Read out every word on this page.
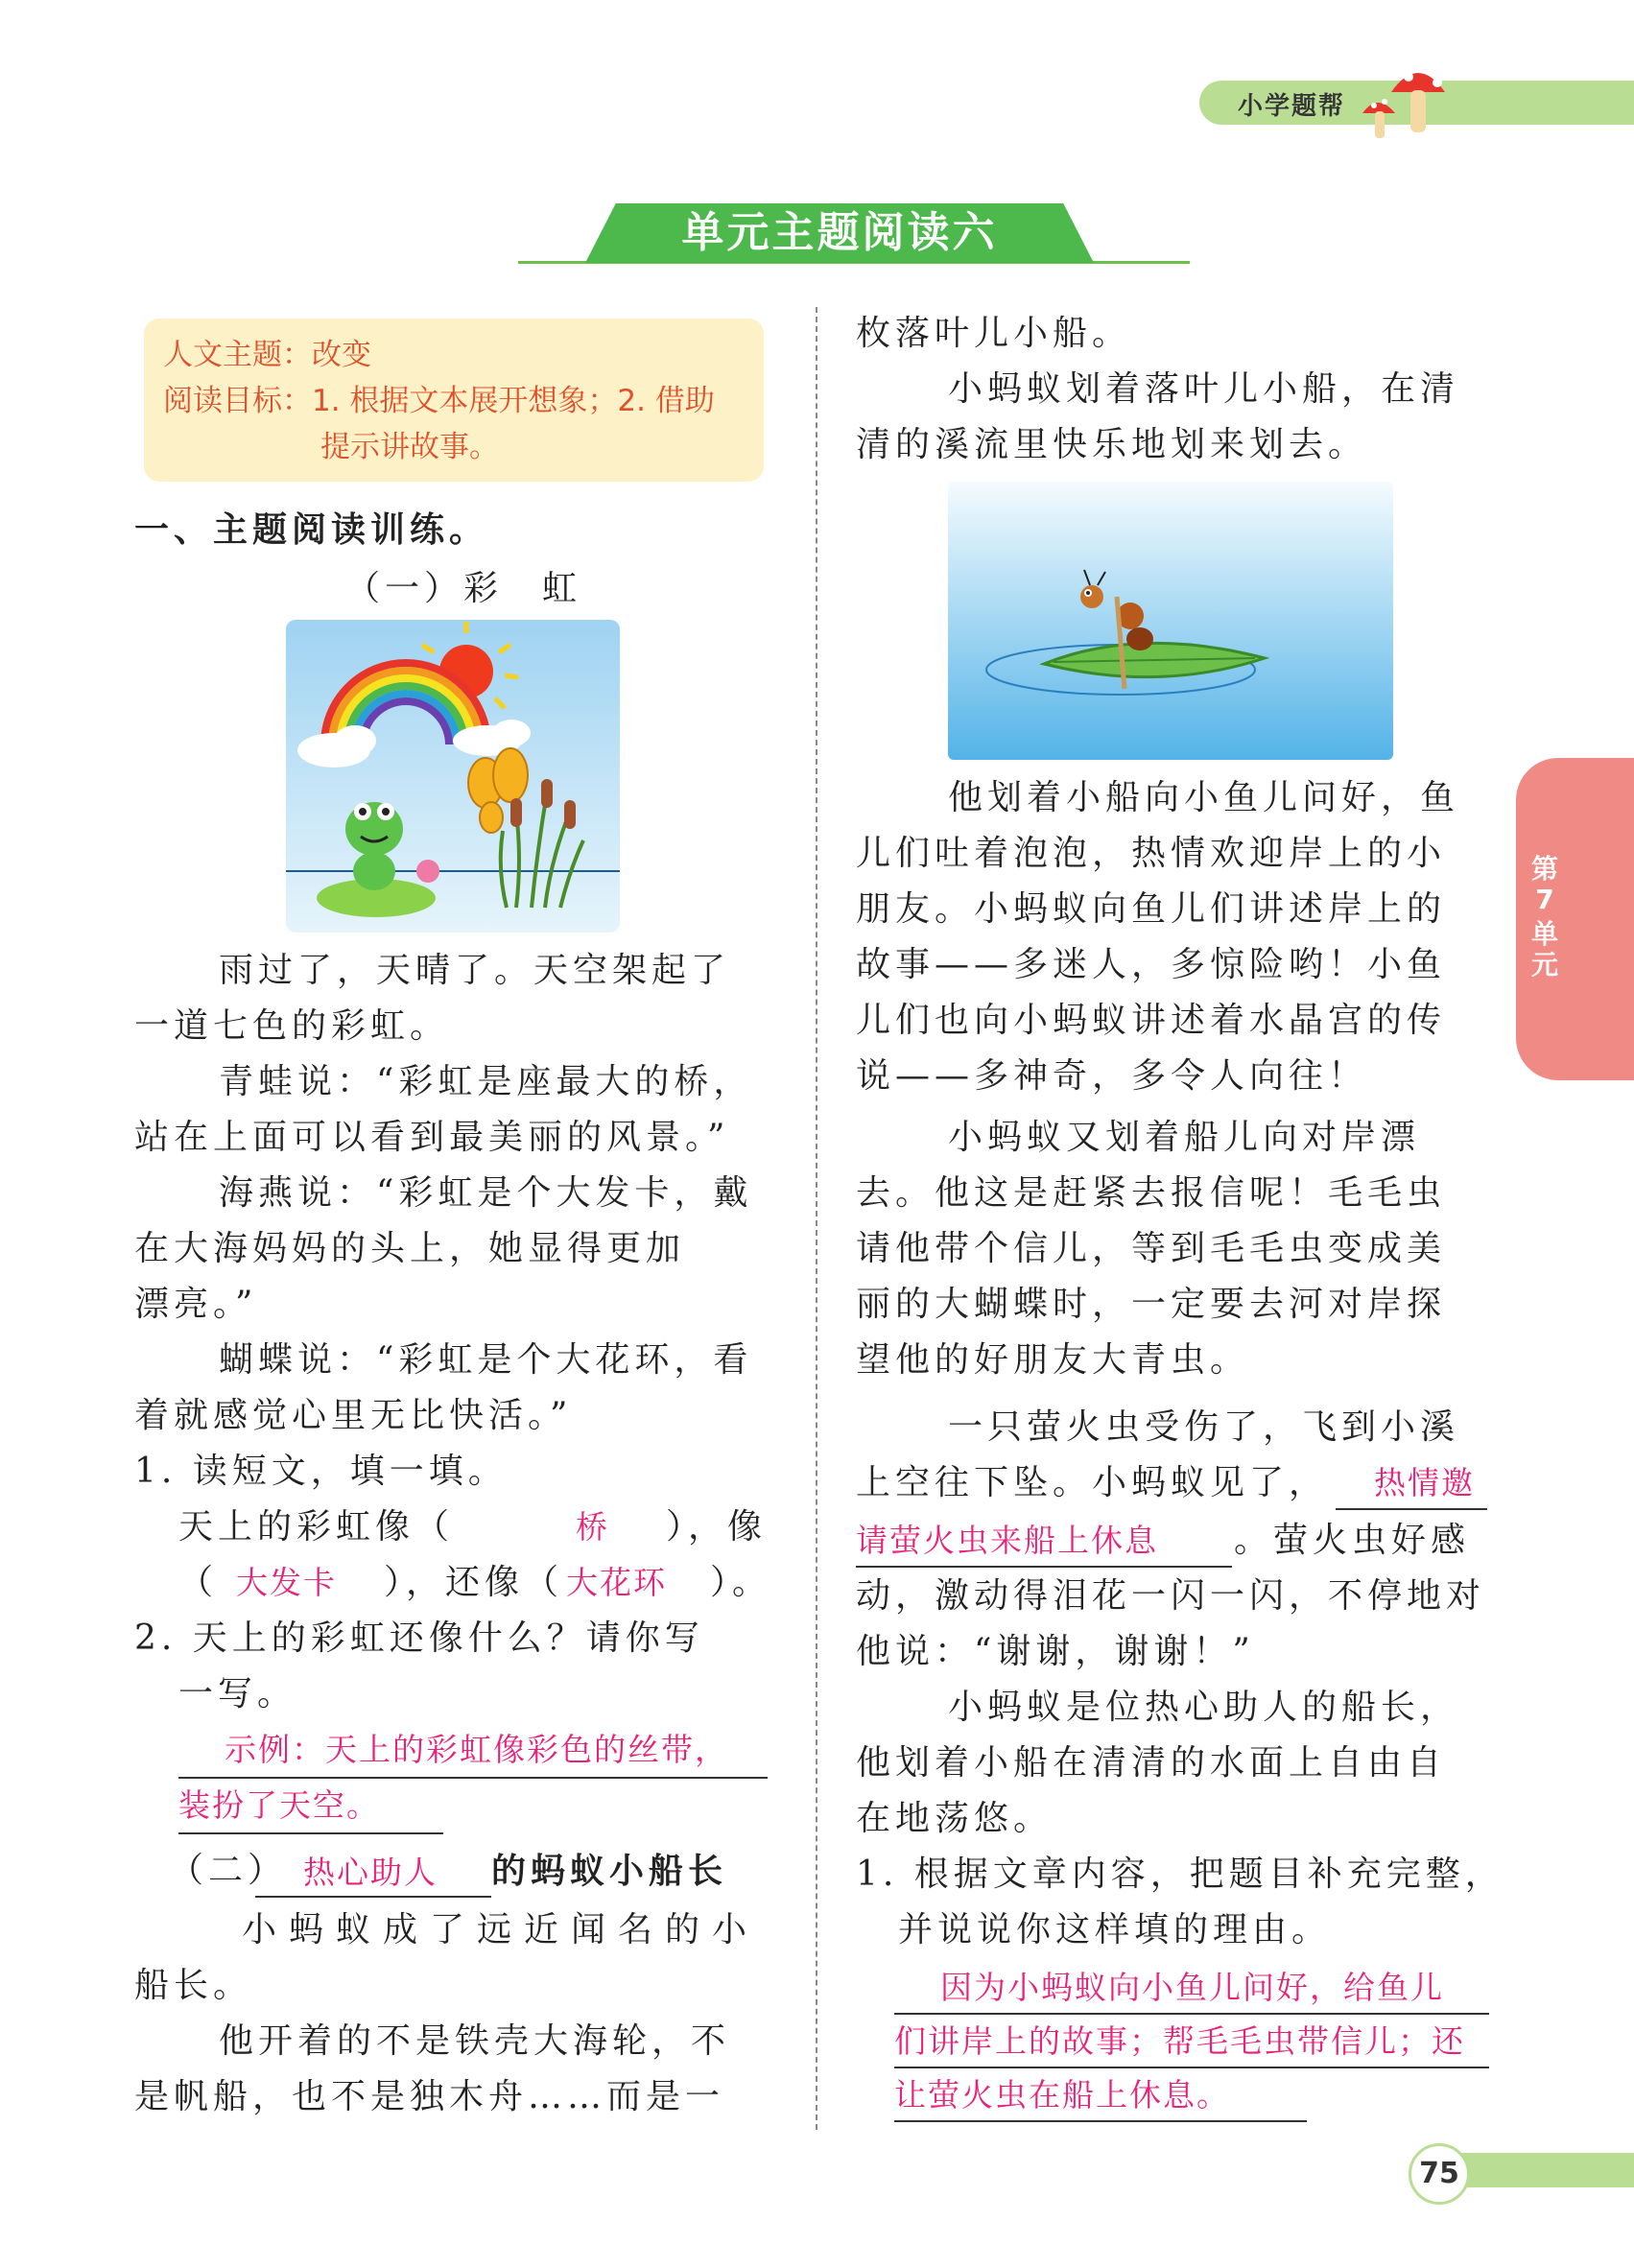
小学题帮
单元主题阅读六
人文主题：改变
阅读目标：1. 根据文本展开想象；2. 借助
提示讲故事。
一、主题阅读训练。
（一）彩　虹
雨过了，天晴了。天空架起了
一道七色的彩虹。
青蛙说：“彩虹是座最大的桥，
站在上面可以看到最美丽的风景。”
海燕说：“彩虹是个大发卡，戴
在大海妈妈的头上，她显得更加
漂亮。”
蝴蝶说：“彩虹是个大花环，看
着就感觉心里无比快活。”
1. 读短文，填一填。
天上的彩虹像（	桥 ），像
（ 大发卡 ），还像（ 大花环 ）。
2. 天上的彩虹还像什么？请你写
一写。
示例：天上的彩虹像彩色的丝带，
装扮了天空。
（二） 热心助人 的蚂蚁小船长
小蚂蚁成了远近闻名的小
船长。
他开着的不是铁壳大海轮，不
是帆船，也不是独木舟……而是一
枚落叶儿小船。
小蚂蚁划着落叶儿小船，在清
清的溪流里快乐地划来划去。
他划着小船向小鱼儿问好，鱼
儿们吐着泡泡，热情欢迎岸上的小
朋友。小蚂蚁向鱼儿们讲述岸上的
故事——多迷人，多惊险哟！小鱼
儿们也向小蚂蚁讲述着水晶宫的传
说——多神奇，多令人向往！
小蚂蚁又划着船儿向对岸漂
去。他这是赶紧去报信呢！毛毛虫
请他带个信儿，等到毛毛虫变成美
丽的大蝴蝶时，一定要去河对岸探
望他的好朋友大青虫。
一只萤火虫受伤了，飞到小溪
上空往下坠。小蚂蚁见了， 热情邀
请萤火虫来船上休息 。萤火虫好感
动，激动得泪花一闪一闪，不停地对
他说：“谢谢，谢谢！”
小蚂蚁是位热心助人的船长，
他划着小船在清清的水面上自由自
在地荡悠。
1. 根据文章内容，把题目补充完整，
并说说你这样填的理由。
因为小蚂蚁向小鱼儿问好，给鱼儿
们讲岸上的故事；帮毛毛虫带信儿；还
让萤火虫在船上休息。
第7
单元
75
